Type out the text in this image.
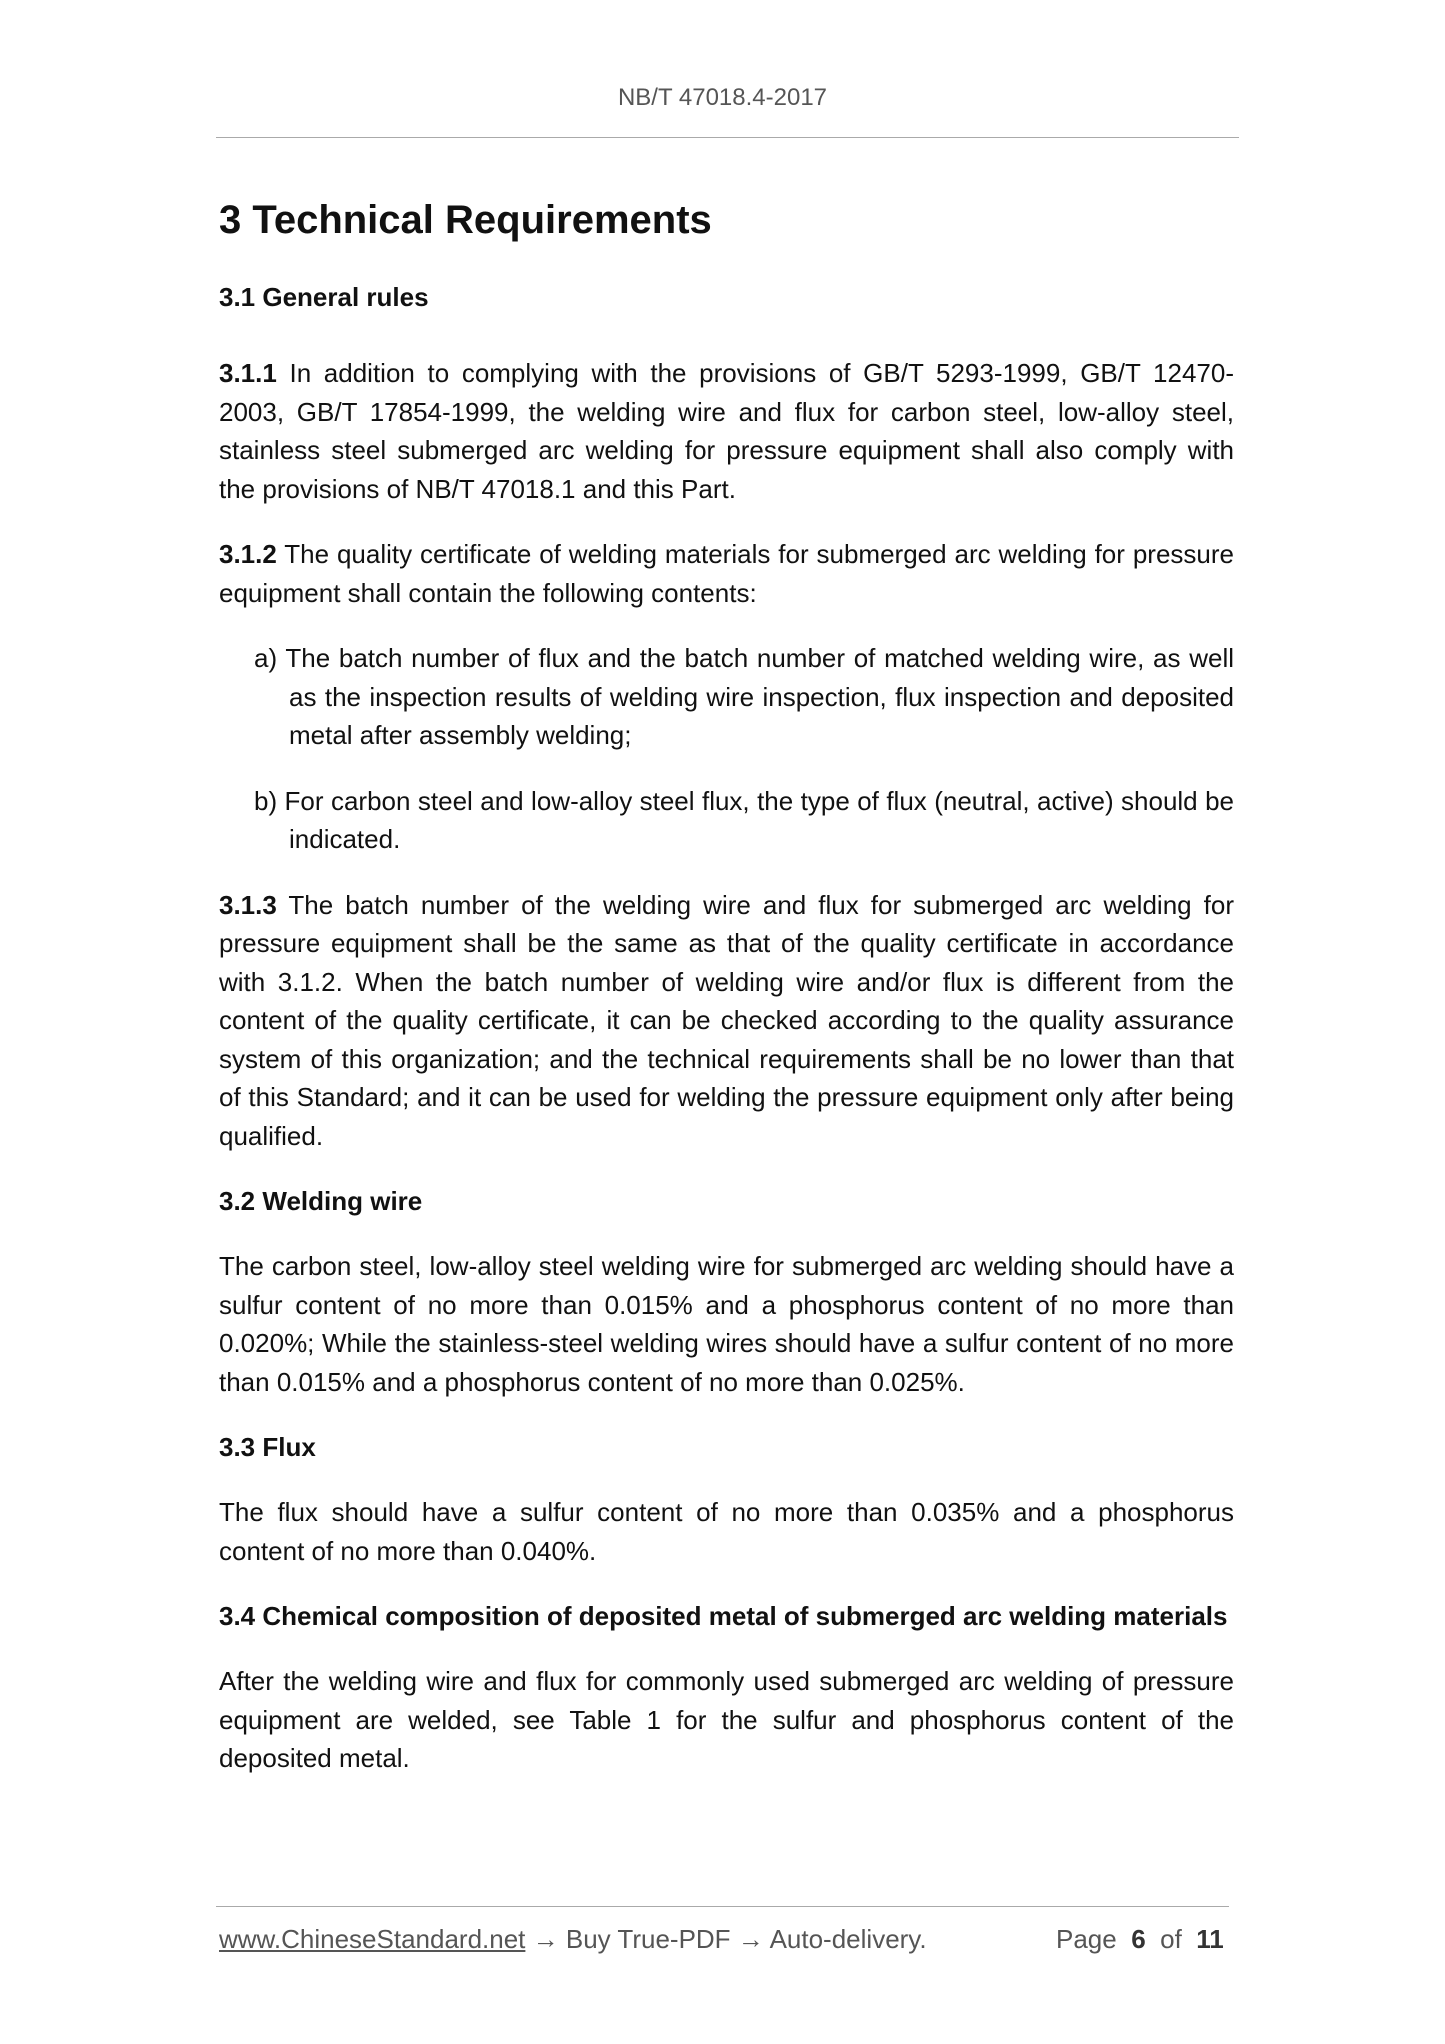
NB/T 47018.4-2017
3 Technical Requirements
3.1 General rules

3.1.1 In addition to complying with the provisions of GB/T 5293-1999, GB/T 12470-2003, GB/T 17854-1999, the welding wire and flux for carbon steel, low-alloy steel, stainless steel submerged arc welding for pressure equipment shall also comply with the provisions of NB/T 47018.1 and this Part.

3.1.2 The quality certificate of welding materials for submerged arc welding for pressure equipment shall contain the following contents:

a) The batch number of flux and the batch number of matched welding wire, as well as the inspection results of welding wire inspection, flux inspection and deposited metal after assembly welding;
b) For carbon steel and low-alloy steel flux, the type of flux (neutral, active) should be indicated.

3.1.3 The batch number of the welding wire and flux for submerged arc welding for pressure equipment shall be the same as that of the quality certificate in accordance with 3.1.2. When the batch number of welding wire and/or flux is different from the content of the quality certificate, it can be checked according to the quality assurance system of this organization; and the technical requirements shall be no lower than that of this Standard; and it can be used for welding the pressure equipment only after being qualified.

3.2 Welding wire

The carbon steel, low-alloy steel welding wire for submerged arc welding should have a sulfur content of no more than 0.015% and a phosphorus content of no more than 0.020%; While the stainless-steel welding wires should have a sulfur content of no more than 0.015% and a phosphorus content of no more than 0.025%.

3.3 Flux

The flux should have a sulfur content of no more than 0.035% and a phosphorus content of no more than 0.040%.

3.4 Chemical composition of deposited metal of submerged arc welding materials

After the welding wire and flux for commonly used submerged arc welding of pressure equipment are welded, see Table 1 for the sulfur and phosphorus content of the deposited metal.

www.ChineseStandard.net → Buy True-PDF → Auto-delivery.	Page 6 of 11
